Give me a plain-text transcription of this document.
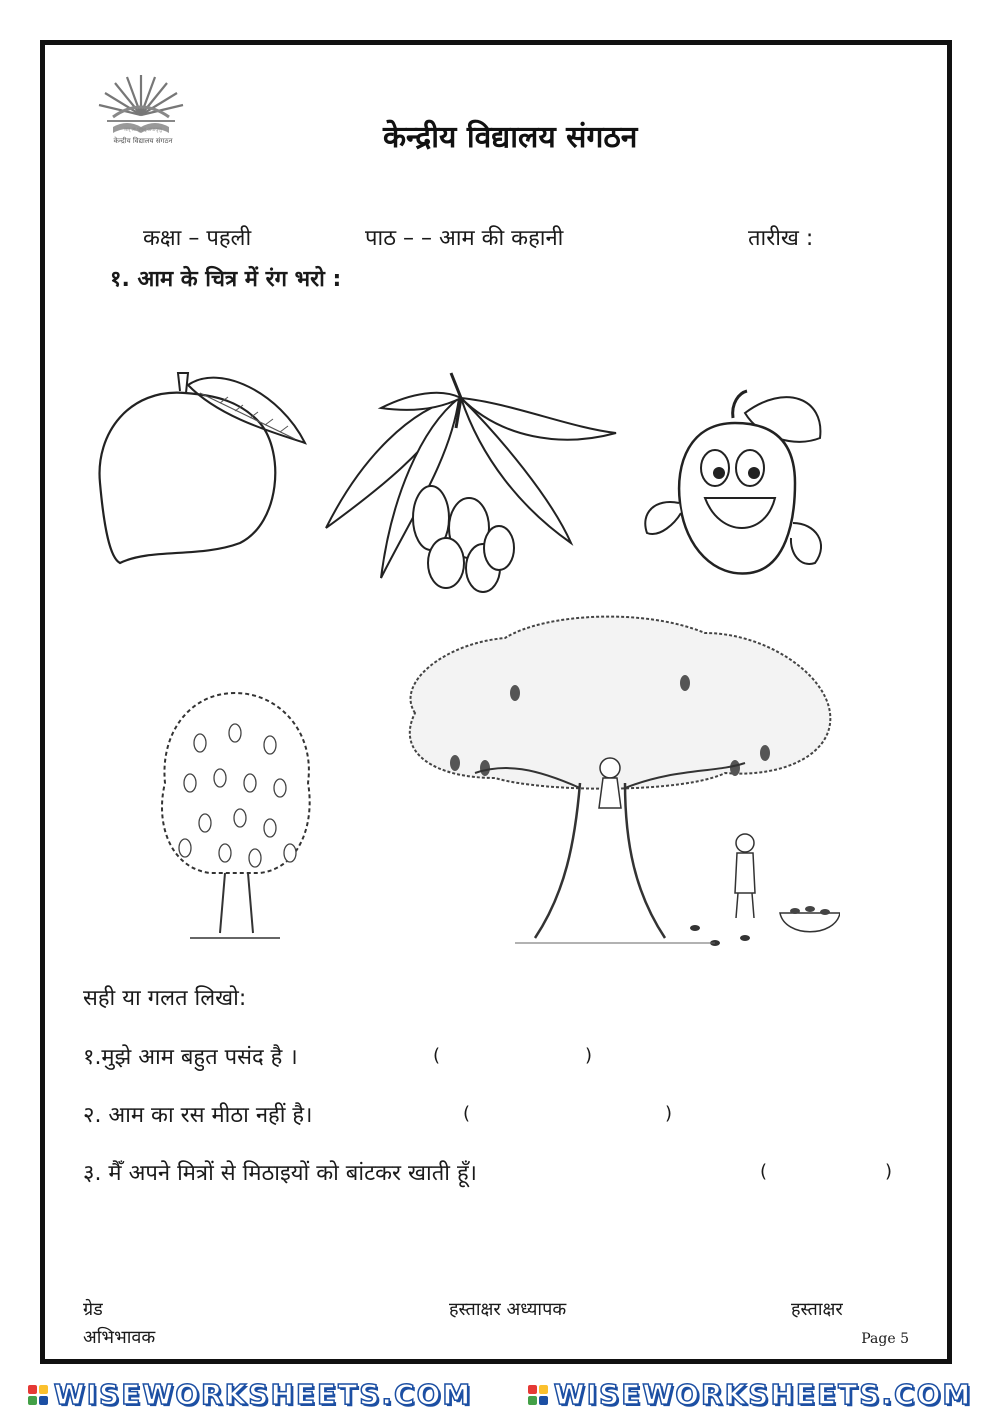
तत् त्वं पूषन् अपावृणु
केन्द्रीय विद्यालय संगठन	केन्द्रीय विद्यालय संगठन
कक्षा – पहली	पाठ – – आम की कहानी	तारीख :
१. आम के चित्र में रंग भरो :
सही या गलत लिखो:
१.मुझे आम बहुत पसंद है ।	(	)
२. आम का रस मीठा नहीं है।	(	)
३. मैँ अपने मित्रों से मिठाइयों को बांटकर खाती हूँ।	(	)
ग्रेड
अभिभावक
हस्ताक्षर अध्यापक	हस्ताक्षर
Page 5
WISEWORKSHEETS.COM	WISEWORKSHEETS.COM
